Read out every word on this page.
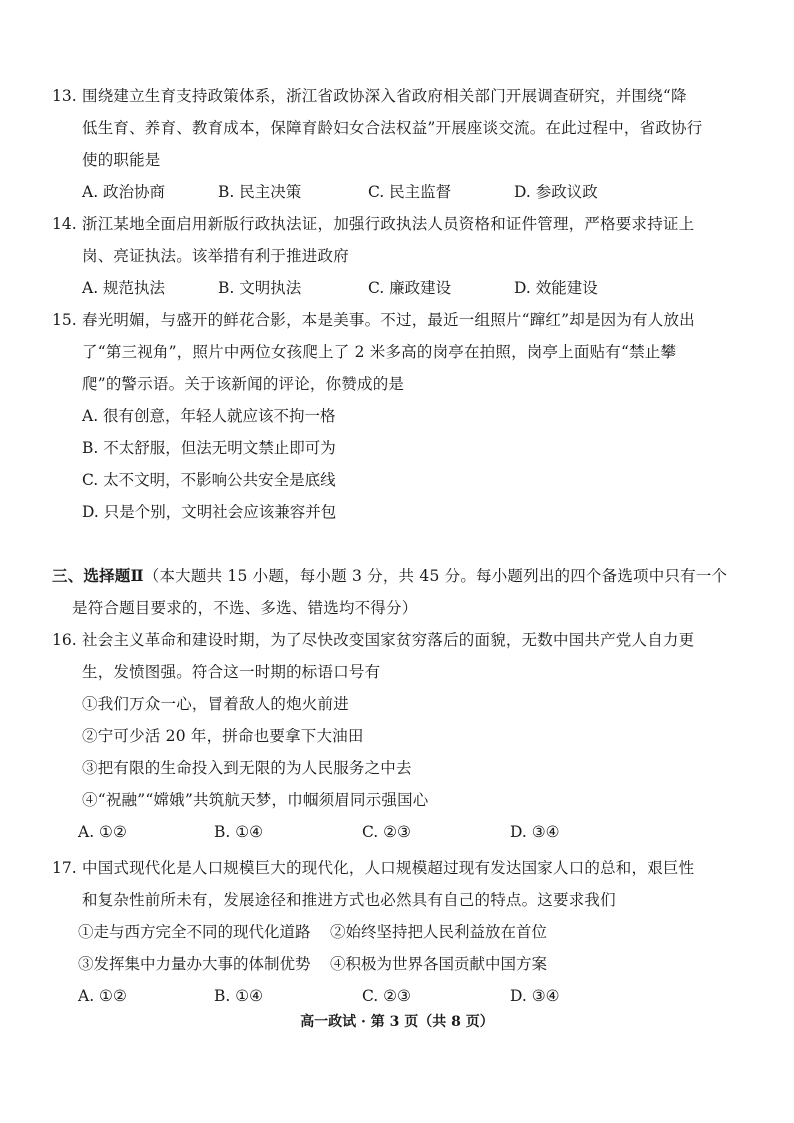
13. 围绕建立生育支持政策体系，浙江省政协深入省政府相关部门开展调查研究，并围绕“降
低生育、养育、教育成本，保障育龄妇女合法权益”开展座谈交流。在此过程中，省政协行
使的职能是
A. 政治协商	B. 民主决策	C. 民主监督	D. 参政议政
14. 浙江某地全面启用新版行政执法证，加强行政执法人员资格和证件管理，严格要求持证上
岗、亮证执法。该举措有利于推进政府
A. 规范执法	B. 文明执法	C. 廉政建设	D. 效能建设
15. 春光明媚，与盛开的鲜花合影，本是美事。不过，最近一组照片“蹿红”却是因为有人放出
了“第三视角”，照片中两位女孩爬上了 2 米多高的岗亭在拍照，岗亭上面贴有“禁止攀
爬”的警示语。关于该新闻的评论，你赞成的是
A. 很有创意，年轻人就应该不拘一格
B. 不太舒服，但法无明文禁止即可为
C. 太不文明，不影响公共安全是底线
D. 只是个别，文明社会应该兼容并包
三、选择题Ⅱ（本大题共 15 小题，每小题 3 分，共 45 分。每小题列出的四个备选项中只有一个
是符合题目要求的，不选、多选、错选均不得分）
16. 社会主义革命和建设时期，为了尽快改变国家贫穷落后的面貌，无数中国共产党人自力更
生，发愤图强。符合这一时期的标语口号有
①我们万众一心，冒着敌人的炮火前进
②宁可少活 20 年，拼命也要拿下大油田
③把有限的生命投入到无限的为人民服务之中去
④“祝融”“嫦娥”共筑航天梦，巾帼须眉同示强国心
A. ①②	B. ①④	C. ②③	D. ③④
17. 中国式现代化是人口规模巨大的现代化，人口规模超过现有发达国家人口的总和，艰巨性
和复杂性前所未有，发展途径和推进方式也必然具有自己的特点。这要求我们
①走与西方完全不同的现代化道路 ②始终坚持把人民利益放在首位
③发挥集中力量办大事的体制优势 ④积极为世界各国贡献中国方案
A. ①②	B. ①④	C. ②③	D. ③④
高一政试 · 第 3 页（共 8 页）
